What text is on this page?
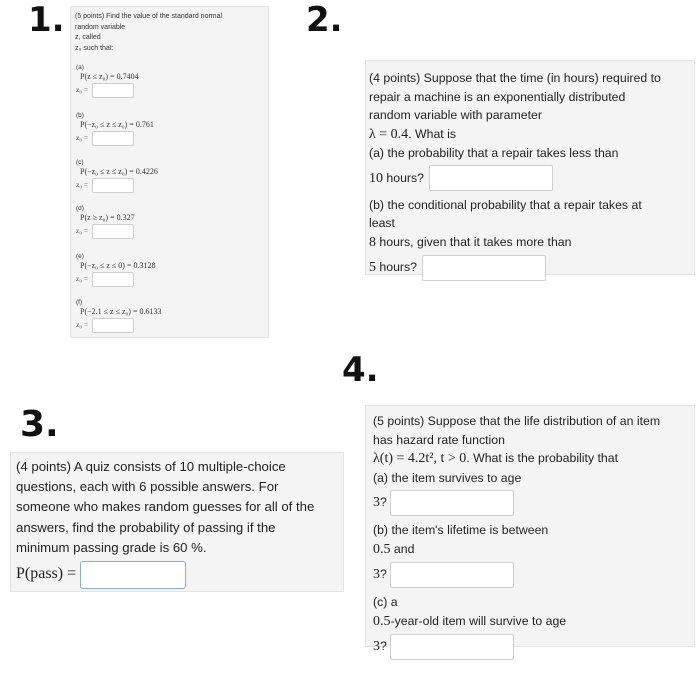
1.	2.
3.
4.
(5 points) Find the value of the standard normal
random variable
z, called
z₀ such that:
(a)
P(z ≤ z₀) = 0.7404
z₀ =
(b)
P(−z₀ ≤ z ≤ z₀) = 0.761
z₀ =
(c)
P(−z₀ ≤ z ≤ z₀) = 0.4226
z₀ =
(d)
P(z ≥ z₀) = 0.327
z₀ =
(e)
P(−z₀ ≤ z ≤ 0) = 0.3128
z₀ =
(f)
P(−2.1 ≤ z ≤ z₀) = 0.6133
z₀ =
(4 points) Suppose that the time (in hours) required to
repair a machine is an exponentially distributed
random variable with parameter
λ = 0.4. What is
(a) the probability that a repair takes less than
10 hours?
(b) the conditional probability that a repair takes at
least
8 hours, given that it takes more than
5 hours?
(4 points) A quiz consists of 10 multiple-choice
questions, each with 6 possible answers. For
someone who makes random guesses for all of the
answers, find the probability of passing if the
minimum passing grade is 60 %.
P(pass) =
(5 points) Suppose that the life distribution of an item
has hazard rate function
λ(t) = 4.2t², t > 0. What is the probability that
(a) the item survives to age
3?
(b) the item's lifetime is between
0.5 and
3?
(c) a
0.5-year-old item will survive to age
3?
